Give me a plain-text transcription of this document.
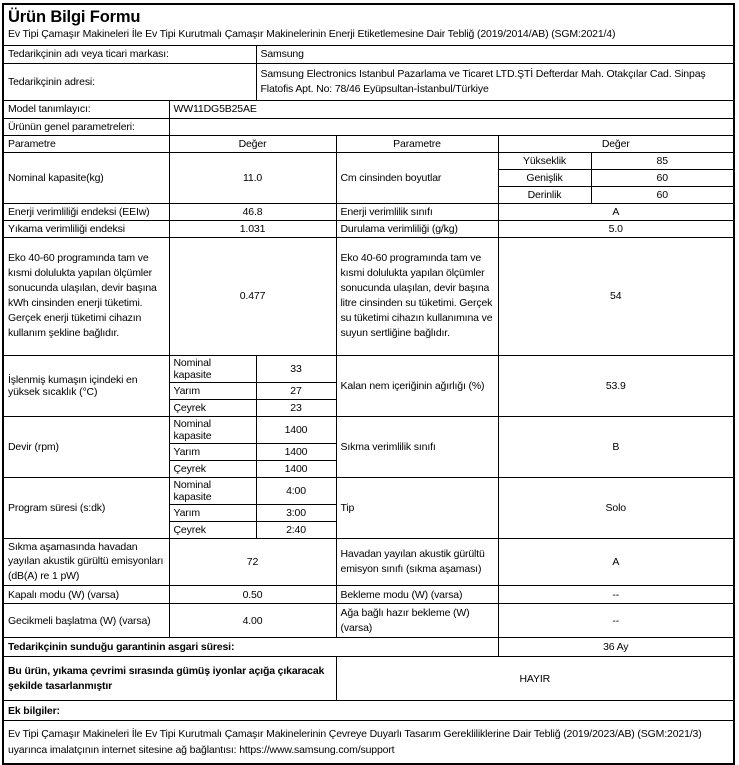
Ürün Bilgi Formu
Ev Tipi Çamaşır Makineleri İle Ev Tipi Kurutmalı Çamaşır Makinelerinin Enerji Etiketlemesine Dair Tebliğ (2019/2014/AB) (SGM:2021/4)					

Tedarikçinin adı veya ticari markası:		Samsung			
Tedarikçinin adresi:		Samsung Electronics Istanbul Pazarlama ve Ticaret LTD.ŞTİ Defterdar Mah. Otakçılar Cad. Sinpaş Flatofis Apt. No: 78/46 Eyüpsultan-İstanbul/Türkiye			
Model tanımlayıcı:	WW11DG5B25AE				
Ürünün genel parametreleri:					
Parametre	Değer		Parametre	Değer	
Nominal kapasite(kg)	11.0		Cm cinsinden boyutlar	Yükseklik	85
				Genişlik	60
				Derinlik	60
Enerji verimliliği endeksi (EEIw)	46.8		Enerji verimlilik sınıfı	A	
Yıkama verimliliği endeksi	1.031		Durulama verimliliği (g/kg)	5.0	
Eko 40-60 programında tam ve kısmi dolulukta yapılan ölçümler sonucunda ulaşılan, devir başına kWh cinsinden enerji tüketimi. Gerçek enerji tüketimi cihazın kullanım şekline bağlıdır.	0.477		Eko 40-60 programında tam ve kısmi dolulukta yapılan ölçümler sonucunda ulaşılan, devir başına litre cinsinden su tüketimi. Gerçek su tüketimi cihazın kullanımına ve suyun sertliğine bağlıdır.	54	
İşlenmiş kumaşın içindeki en yüksek sıcaklık (°C)	Nominal kapasite	33	Kalan nem içeriğinin ağırlığı (%)	53.9	
	Yarım	27			
	Çeyrek	23			
Devir (rpm)	Nominal kapasite	1400	Sıkma verimlilik sınıfı	B	
	Yarım	1400			
	Çeyrek	1400			
Program süresi (s:dk)	Nominal kapasite	4:00	Tip	Solo	
	Yarım	3:00			
	Çeyrek	2:40			
Sıkma aşamasında havadan yayılan akustik gürültü emisyonları (dB(A) re 1 pW)	72		Havadan yayılan akustik gürültü emisyon sınıfı (sıkma aşaması)	A	
Kapalı modu (W) (varsa)	0.50		Bekleme modu (W) (varsa)	--	
Gecikmeli başlatma (W) (varsa)	4.00		Ağa bağlı hazır bekleme (W) (varsa)	--	
Tedarikçinin sunduğu garantinin asgari süresi:				36 Ay	
Bu ürün, yıkama çevrimi sırasında gümüş iyonlar açığa çıkaracak şekilde tasarlanmıştır			HAYIR		
Ek bilgiler:					
Ev Tipi Çamaşır Makineleri İle Ev Tipi Kurutmalı Çamaşır Makinelerinin Çevreye Duyarlı Tasarım Gerekliliklerine Dair Tebliğ (2019/2023/AB) (SGM:2021/3) uyarınca imalatçının internet sitesine ağ bağlantısı: https://www.samsung.com/support					
